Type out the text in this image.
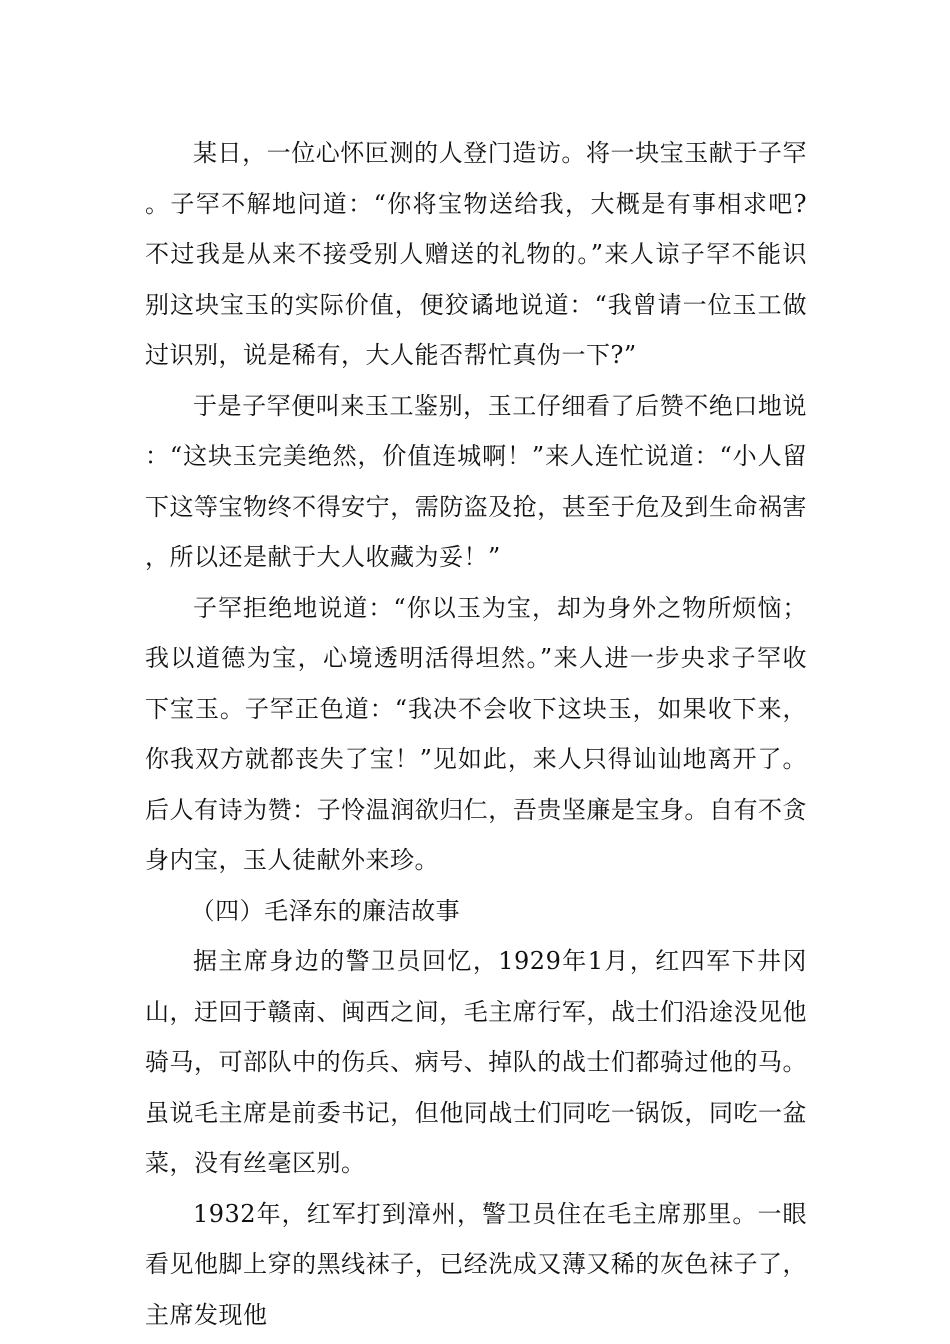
某日，一位心怀叵测的人登门造访。将一块宝玉献于子罕。子罕不解地问道：“你将宝物送给我，大概是有事相求吧?不过我是从来不接受别人赠送的礼物的。”来人谅子罕不能识别这块宝玉的实际价值，便狡谲地说道：“我曾请一位玉工做过识别，说是稀有，大人能否帮忙真伪一下?”

于是子罕便叫来玉工鉴别，玉工仔细看了后赞不绝口地说：“这块玉完美绝然，价值连城啊！”来人连忙说道：“小人留下这等宝物终不得安宁，需防盗及抢，甚至于危及到生命祸害，所以还是献于大人收藏为妥！”

子罕拒绝地说道：“你以玉为宝，却为身外之物所烦恼；我以道德为宝，心境透明活得坦然。”来人进一步央求子罕收下宝玉。子罕正色道：“我决不会收下这块玉，如果收下来，你我双方就都丧失了宝！”见如此，来人只得讪讪地离开了。后人有诗为赞：子怜温润欲归仁，吾贵坚廉是宝身。自有不贪身内宝，玉人徒献外来珍。

（四）毛泽东的廉洁故事

据主席身边的警卫员回忆，1929年1月，红四军下井冈山，迂回于赣南、闽西之间，毛主席行军，战士们沿途没见他骑马，可部队中的伤兵、病号、掉队的战士们都骑过他的马。虽说毛主席是前委书记，但他同战士们同吃一锅饭，同吃一盆菜，没有丝毫区别。

1932年，红军打到漳州，警卫员住在毛主席那里。一眼看见他脚上穿的黑线袜子，已经洗成又薄又稀的灰色袜子了，主席发现他
